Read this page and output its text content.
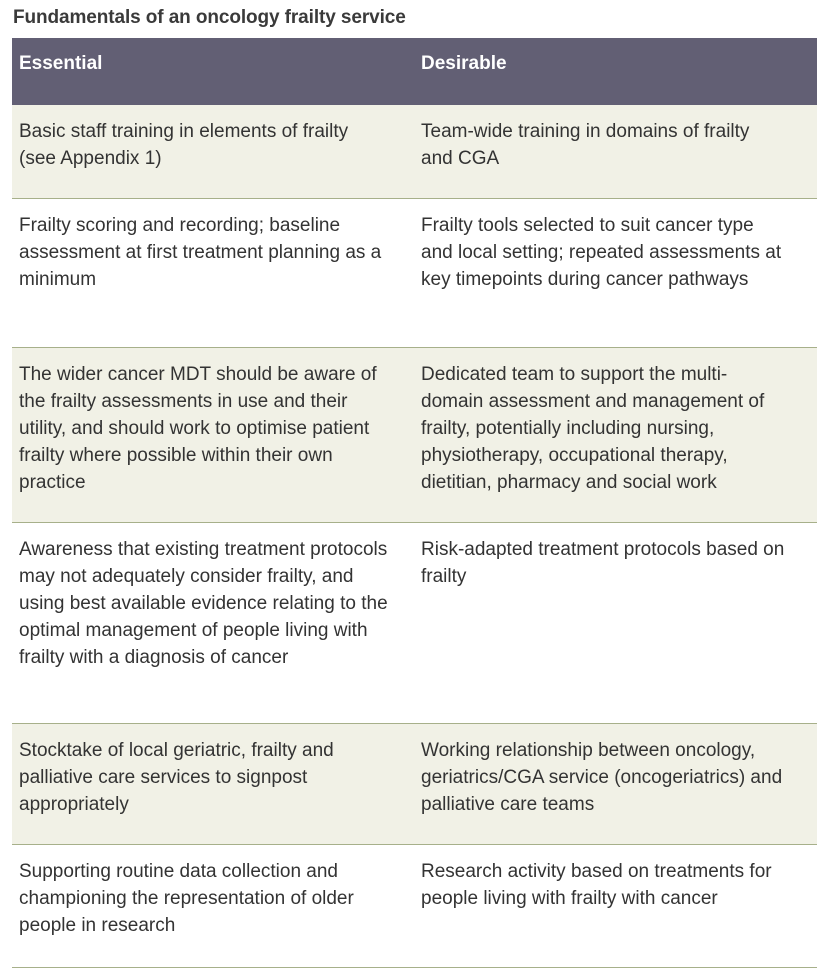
Fundamentals of an oncology frailty service
Essential	Desirable
Basic staff training in elements of frailty (see Appendix 1)
Team-wide training in domains of frailty and CGA
Frailty scoring and recording; baseline assessment at first treatment planning as a minimum
Frailty tools selected to suit cancer type and local setting; repeated assessments at key timepoints during cancer pathways
The wider cancer MDT should be aware of the frailty assessments in use and their utility, and should work to optimise patient frailty where possible within their own practice
Dedicated team to support the multi-domain assessment and management of frailty, potentially including nursing, physiotherapy, occupational therapy, dietitian, pharmacy and social work
Awareness that existing treatment protocols may not adequately consider frailty, and using best available evidence relating to the optimal management of people living with frailty with a diagnosis of cancer
Risk-adapted treatment protocols based on frailty
Stocktake of local geriatric, frailty and palliative care services to signpost appropriately
Working relationship between oncology, geriatrics/CGA service (oncogeriatrics) and palliative care teams
Supporting routine data collection and championing the representation of older people in research
Research activity based on treatments for people living with frailty with cancer
